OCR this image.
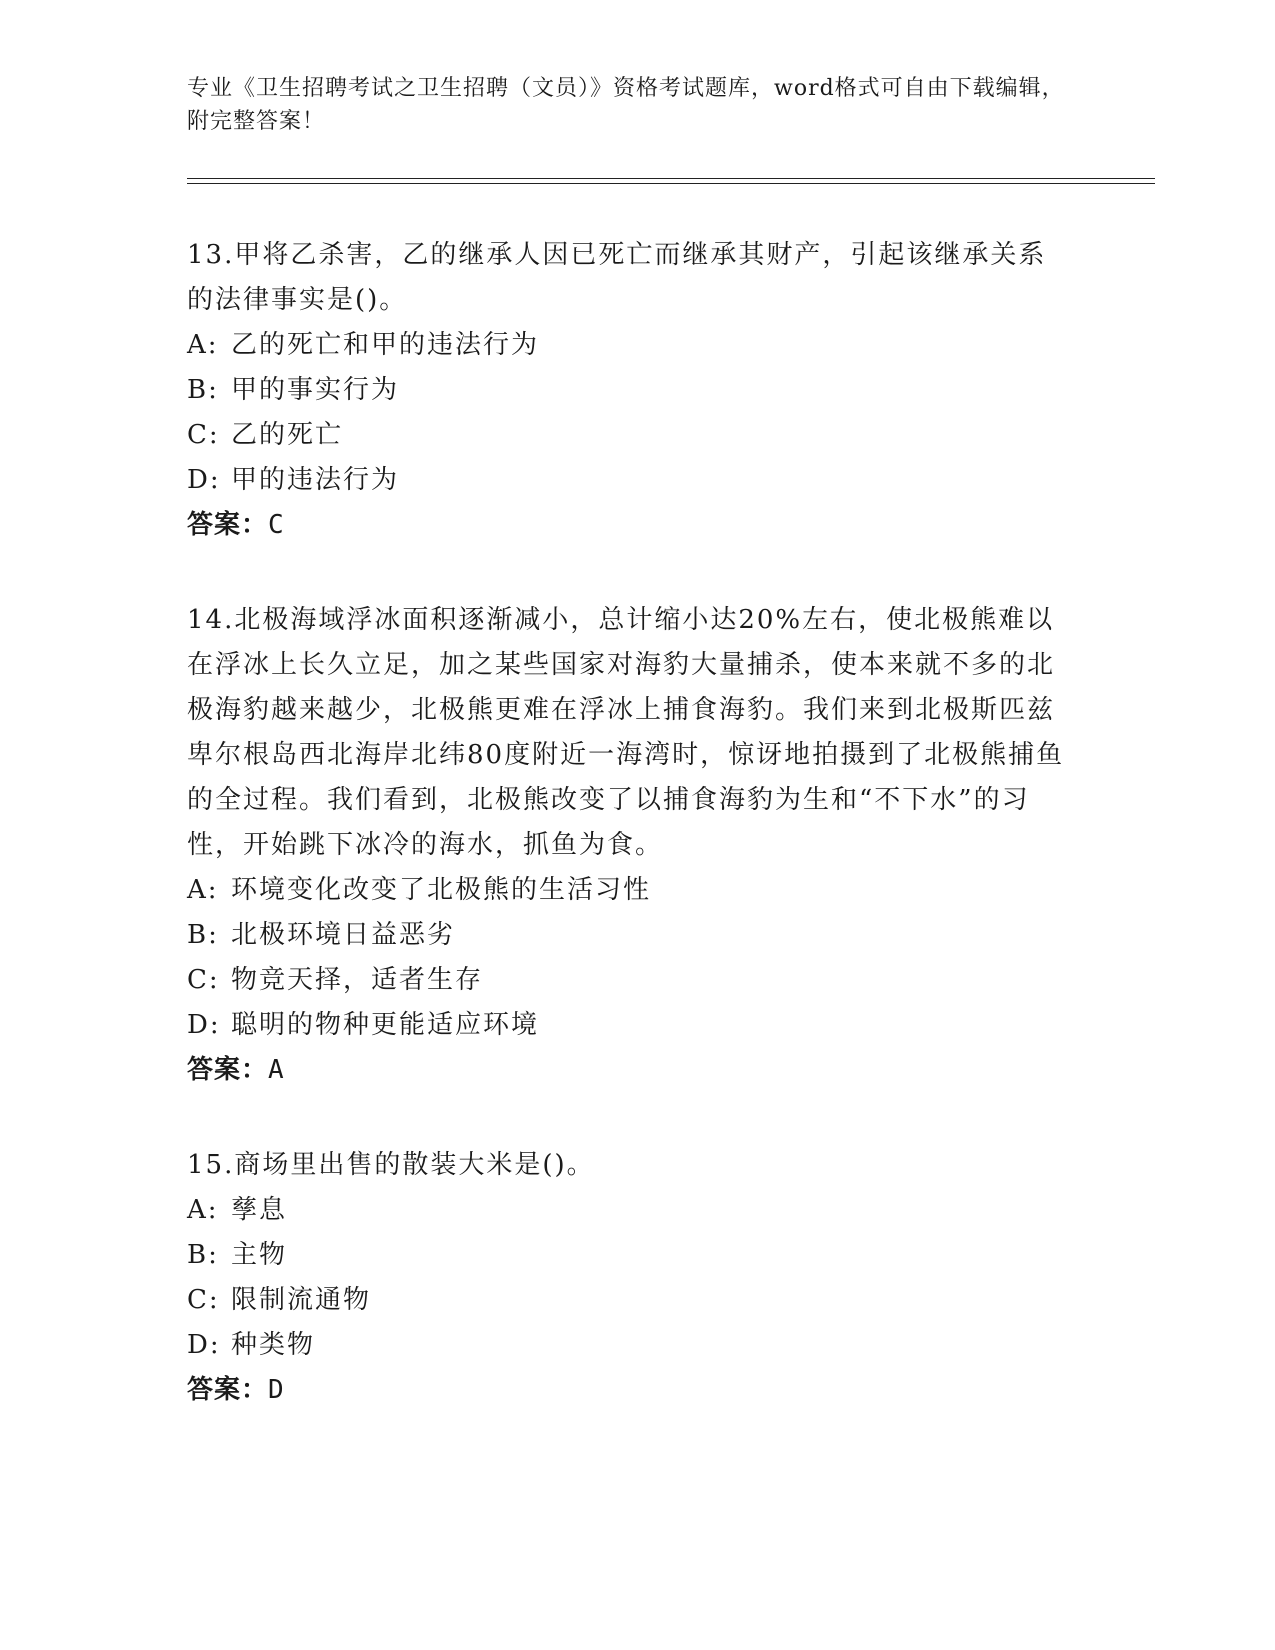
专业《卫生招聘考试之卫生招聘（文员）》资格考试题库，word格式可自由下载编辑，附完整答案！

13.甲将乙杀害，乙的继承人因已死亡而继承其财产，引起该继承关系的法律事实是()。

A: 乙的死亡和甲的违法行为

B: 甲的事实行为

C: 乙的死亡

D: 甲的违法行为

答案：C

14.北极海域浮冰面积逐渐减小，总计缩小达20%左右，使北极熊难以在浮冰上长久立足，加之某些国家对海豹大量捕杀，使本来就不多的北极海豹越来越少，北极熊更难在浮冰上捕食海豹。我们来到北极斯匹兹卑尔根岛西北海岸北纬80度附近一海湾时，惊讶地拍摄到了北极熊捕鱼的全过程。我们看到，北极熊改变了以捕食海豹为生和“不下水”的习性，开始跳下冰冷的海水，抓鱼为食。

A: 环境变化改变了北极熊的生活习性

B: 北极环境日益恶劣

C: 物竞天择，适者生存

D: 聪明的物种更能适应环境

答案：A

15.商场里出售的散装大米是()。

A: 孳息

B: 主物

C: 限制流通物

D: 种类物

答案：D
